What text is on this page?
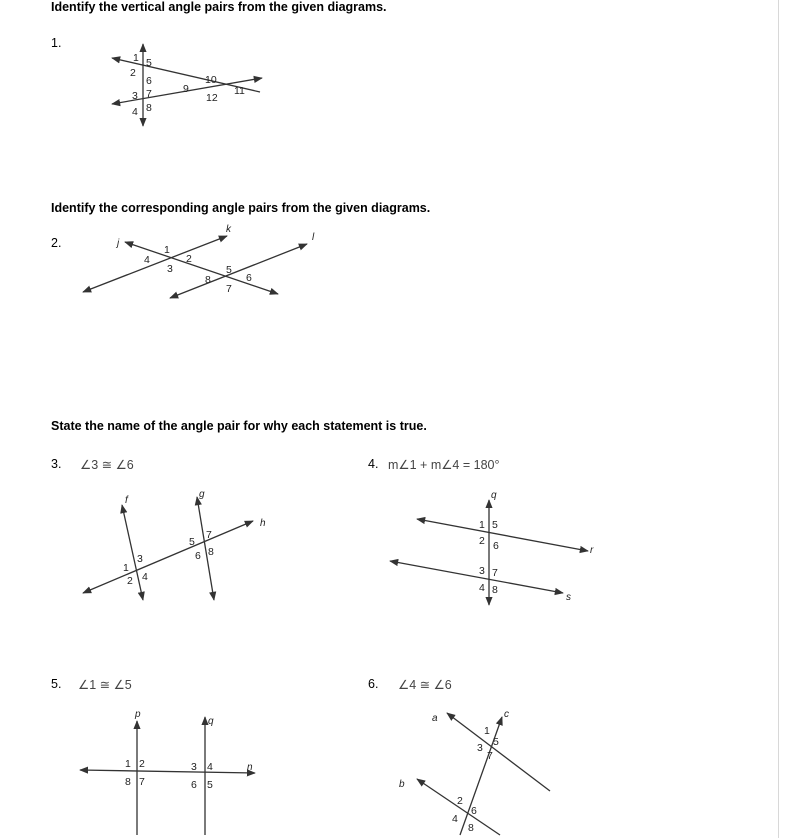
Identify the vertical angle pairs from the given diagrams.
1.
1 5
2
6
3 7
4 8
9
10
12
11
Identify the corresponding angle pairs from the given diagrams.
2.	j
k
l
1
4	2
3	5
8	6
7
State the name of the angle pair for why each statement is true.
3. ∠3 ≅ ∠6
f
g
h
1
3
2 4
5
7
6 8
4. m∠1 + m∠4 = 180°
q
r
s
1 5
2 6
3 7
4 8
5. ∠1 ≅ ∠5
p
q
n
1 2
8 7
3 4
6 5
6. ∠4 ≅ ∠6
a
b
c
1
5
3
7
2
6
4
8
